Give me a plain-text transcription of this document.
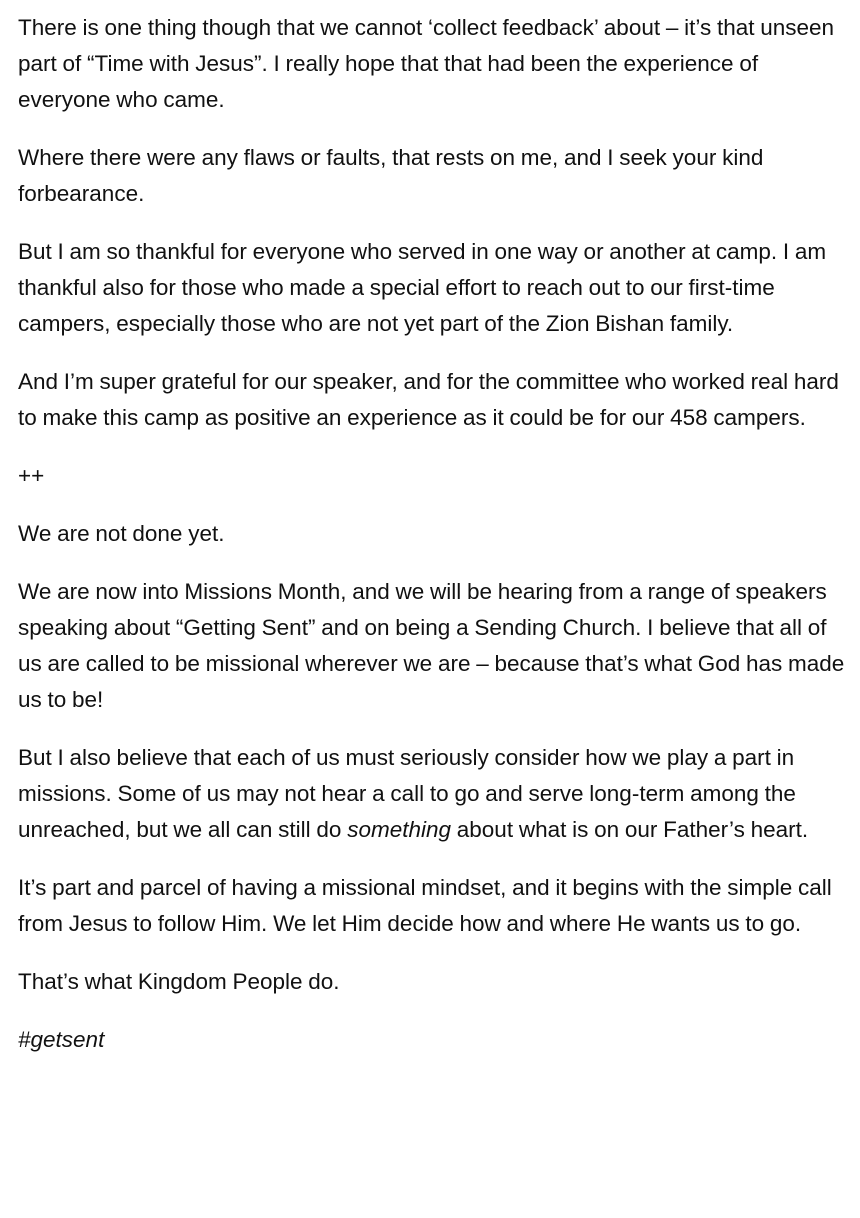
There is one thing though that we cannot ‘collect feedback’ about – it’s that unseen part of “Time with Jesus”. I really hope that that had been the experience of everyone who came.

Where there were any flaws or faults, that rests on me, and I seek your kind forbearance.

But I am so thankful for everyone who served in one way or another at camp. I am thankful also for those who made a special effort to reach out to our first-time campers, especially those who are not yet part of the Zion Bishan family.

And I’m super grateful for our speaker, and for the committee who worked real hard to make this camp as positive an experience as it could be for our 458 campers.

++

We are not done yet.

We are now into Missions Month, and we will be hearing from a range of speakers speaking about “Getting Sent” and on being a Sending Church. I believe that all of us are called to be missional wherever we are – because that’s what God has made us to be!

But I also believe that each of us must seriously consider how we play a part in missions. Some of us may not hear a call to go and serve long-term among the unreached, but we all can still do something about what is on our Father’s heart.

It’s part and parcel of having a missional mindset, and it begins with the simple call from Jesus to follow Him. We let Him decide how and where He wants us to go.

That’s what Kingdom People do.

#getsent
